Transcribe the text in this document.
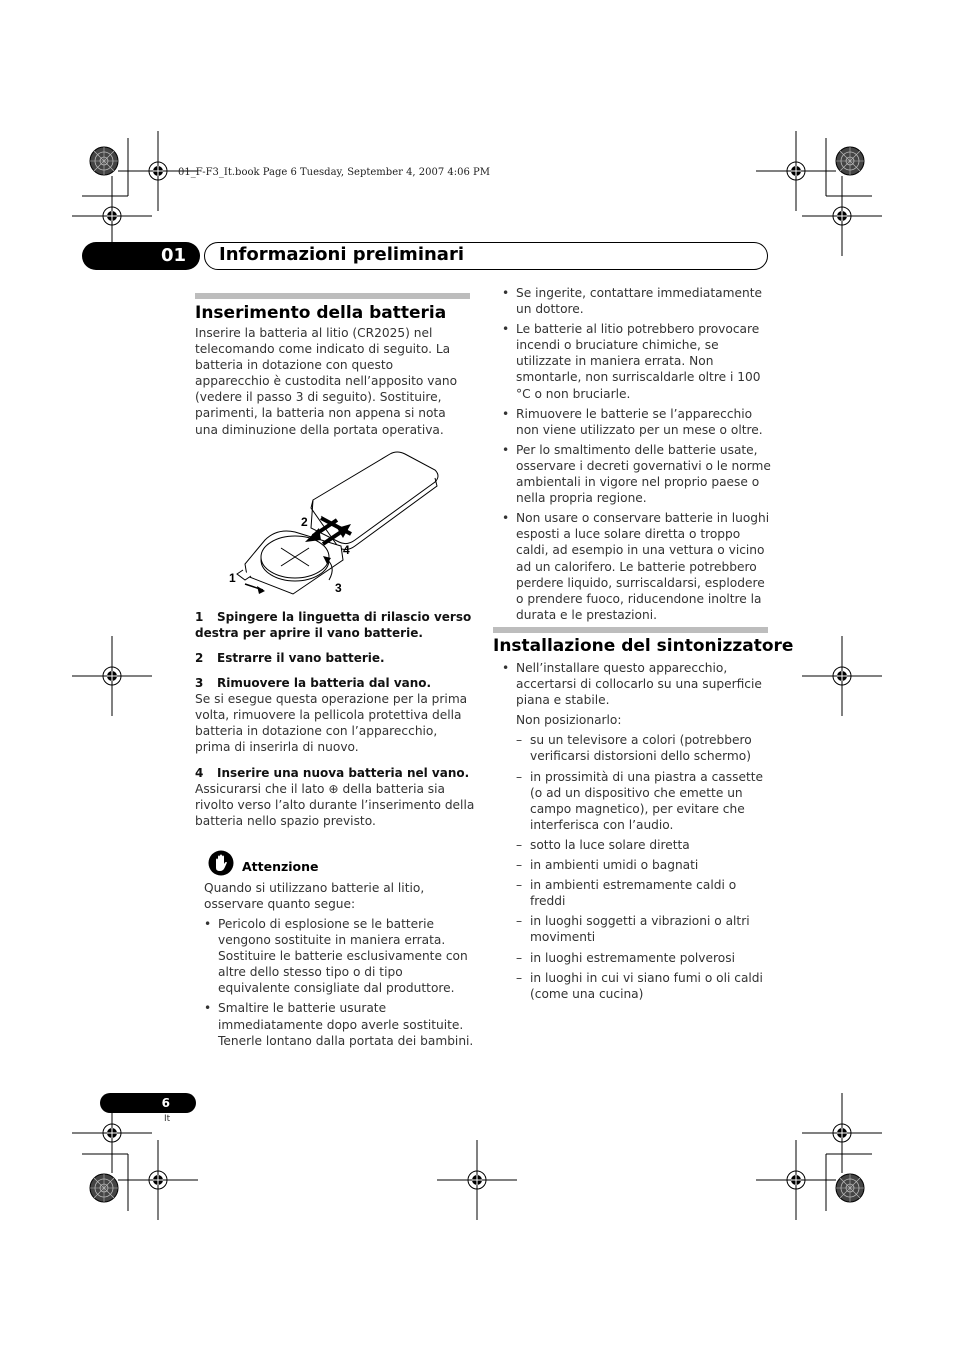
01_F-F3_It.book Page 6 Tuesday, September 4, 2007 4:06 PM
01	Informazioni preliminari
Inserimento della batteria
Inserire la batteria al litio (CR2025) nel telecomando come indicato di seguito. La batteria in dotazione con questo apparecchio è custodita nell’apposito vano (vedere il passo 3 di seguito). Sostituire, parimenti, la batteria non appena si nota una diminuzione della portata operativa.
1
2
3
4
1 Spingere la linguetta di rilascio verso destra per aprire il vano batterie.
2 Estrarre il vano batterie.
3 Rimuovere la batteria dal vano.
Se si esegue questa operazione per la prima volta, rimuovere la pellicola protettiva della batteria in dotazione con l’apparecchio, prima di inserirla di nuovo.
4 Inserire una nuova batteria nel vano.
Assicurarsi che il lato ⊕ della batteria sia rivolto verso l’alto durante l’inserimento della batteria nello spazio previsto.
Attenzione
Quando si utilizzano batterie al litio, osservare quanto segue:
• Pericolo di esplosione se le batterie vengono sostituite in maniera errata. Sostituire le batterie esclusivamente con altre dello stesso tipo o di tipo equivalente consigliate dal produttore.
• Smaltire le batterie usurate immediatamente dopo averle sostituite. Tenerle lontano dalla portata dei bambini.
• Se ingerite, contattare immediatamente un dottore.
• Le batterie al litio potrebbero provocare incendi o bruciature chimiche, se utilizzate in maniera errata. Non smontarle, non surriscaldarle oltre i 100 °C o non bruciarle.
• Rimuovere le batterie se l’apparecchio non viene utilizzato per un mese o oltre.
• Per lo smaltimento delle batterie usate, osservare i decreti governativi o le norme ambientali in vigore nel proprio paese o nella propria regione.
• Non usare o conservare batterie in luoghi esposti a luce solare diretta o troppo caldi, ad esempio in una vettura o vicino ad un calorifero. Le batterie potrebbero perdere liquido, surriscaldarsi, esplodere o prendere fuoco, riducendone inoltre la durata e le prestazioni.
Installazione del sintonizzatore
• Nell’installare questo apparecchio, accertarsi di collocarlo su una superficie piana e stabile.
Non posizionarlo:
– su un televisore a colori (potrebbero verificarsi distorsioni dello schermo)
– in prossimità di una piastra a cassette (o ad un dispositivo che emette un campo magnetico), per evitare che interferisca con l’audio.
– sotto la luce solare diretta
– in ambienti umidi o bagnati
– in ambienti estremamente caldi o freddi
– in luoghi soggetti a vibrazioni o altri movimenti
– in luoghi estremamente polverosi
– in luoghi in cui vi siano fumi o oli caldi (come una cucina)
6
It
